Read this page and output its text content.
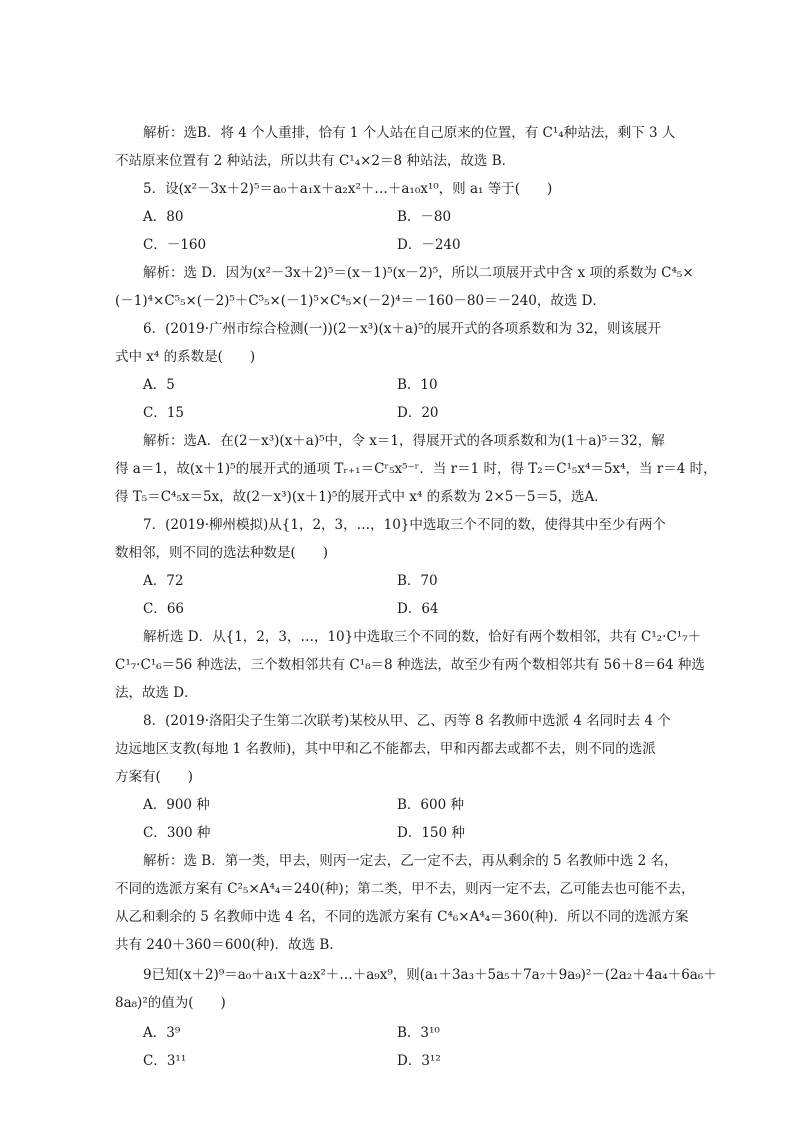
解析：选B．将 4 个人重排，恰有 1 个人站在自己原来的位置，有 C¹₄种站法，剩下 3 人
不站原来位置有 2 种站法，所以共有 C¹₄×2＝8 种站法，故选 B．
5．设(x²－3x＋2)⁵＝a₀＋a₁x＋a₂x²＋…＋a₁₀x¹⁰，则 a₁ 等于(　　)
A．80	B．－80
C．－160	D．－240
解析：选 D．因为(x²－3x＋2)⁵＝(x－1)⁵(x－2)⁵，所以二项展开式中含 x 项的系数为 C⁴₅×
(－1)⁴×C⁵₅×(－2)⁵＋C⁵₅×(－1)⁵×C⁴₅×(－2)⁴＝－160－80＝－240，故选 D．
6．(2019·广州市综合检测(一))(2－x³)(x＋a)⁵的展开式的各项系数和为 32，则该展开
式中 x⁴ 的系数是(　　)
A．5	B．10
C．15	D．20
解析：选A．在(2－x³)(x＋a)⁵中，令 x＝1，得展开式的各项系数和为(1＋a)⁵＝32，解
得 a＝1，故(x＋1)⁵的展开式的通项 Tᵣ₊₁＝Cʳ₅x⁵⁻ʳ．当 r＝1 时，得 T₂＝C¹₅x⁴＝5x⁴，当 r＝4 时，
得 T₅＝C⁴₅x＝5x，故(2－x³)(x＋1)⁵的展开式中 x⁴ 的系数为 2×5－5＝5，选A．
7．(2019·柳州模拟)从{1，2，3，…，10}中选取三个不同的数，使得其中至少有两个
数相邻，则不同的选法种数是(　　)
A．72	B．70
C．66	D．64
解析选 D．从{1，2，3，…，10}中选取三个不同的数，恰好有两个数相邻，共有 C¹₂·C¹₇＋
C¹₇·C¹₆＝56 种选法，三个数相邻共有 C¹₈＝8 种选法，故至少有两个数相邻共有 56＋8＝64 种选
法，故选 D．
8．(2019·洛阳尖子生第二次联考)某校从甲、乙、丙等 8 名教师中选派 4 名同时去 4 个
边远地区支教(每地 1 名教师)，其中甲和乙不能都去，甲和丙都去或都不去，则不同的选派
方案有(　　)
A．900 种	B．600 种
C．300 种	D．150 种
解析：选 B．第一类，甲去，则丙一定去，乙一定不去，再从剩余的 5 名教师中选 2 名，
不同的选派方案有 C²₅×A⁴₄＝240(种)；第二类，甲不去，则丙一定不去，乙可能去也可能不去，
从乙和剩余的 5 名教师中选 4 名，不同的选派方案有 C⁴₆×A⁴₄＝360(种)．所以不同的选派方案
共有 240＋360＝600(种)．故选 B．
9已知(x＋2)⁹＝a₀＋a₁x＋a₂x²＋…＋a₉x⁹，则(a₁＋3a₃＋5a₅＋7a₇＋9a₉)²－(2a₂＋4a₄＋6a₆＋
8a₈)²的值为(　　)
A．3⁹	B．3¹⁰
C．3¹¹	D．3¹²
